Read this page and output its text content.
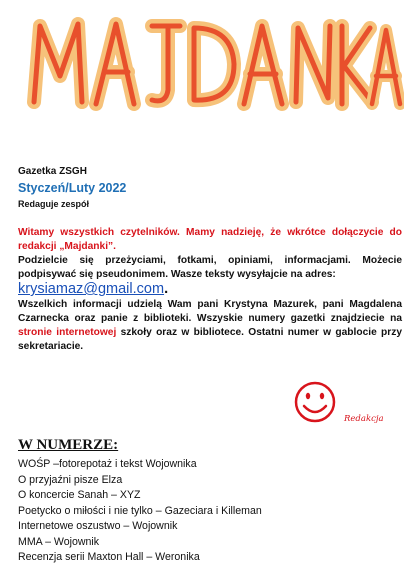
Gazetka ZSGH

Styczeń/Luty 2022

Redaguje zespół

Witamy wszystkich czytelników. Mamy nadzieję, że wkrótce dołączycie do redakcji „Majdanki”.

Podzielcie się przeżyciami, fotkami, opiniami, informacjami. Możecie podpisywać się pseudonimem. Wasze teksty wysyłajcie na adres:
krysiamaz@gmail.com.

Wszelkich informacji udzielą Wam pani Krystyna Mazurek, pani Magdalena Czarnecka oraz panie z biblioteki. Wszyskie numery gazetki znajdziecie na stronie internetowej szkoły oraz w bibliotece. Ostatni numer w gablocie przy sekretariacie.

Redakcja

W NUMERZE:

WOŚP –fotorepotaż i tekst Wojownika
O przyjaźni pisze Elza
O koncercie Sanah – XYZ
Poetycko o miłości i nie tylko – Gazeciara i Killeman
Internetowe oszustwo – Wojownik
MMA – Wojownik
Recenzja serii Maxton Hall – Weronika
